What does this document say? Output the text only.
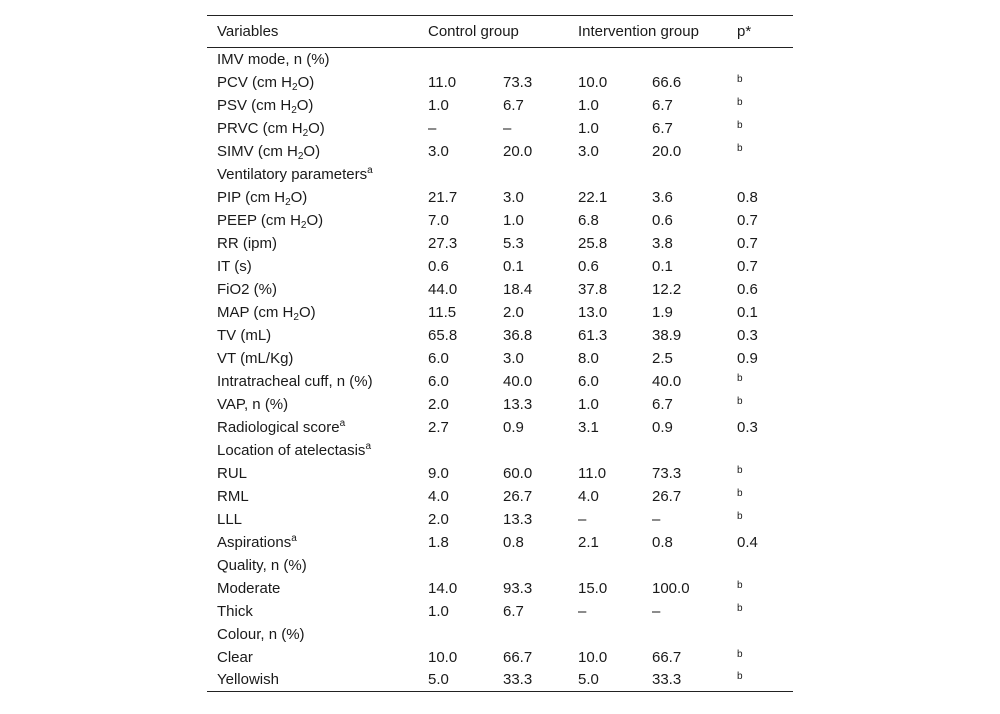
Variables	Control group		Intervention group		p*
IMV mode, n (%)					
PCV (cm $H_2O$)	11.0	73.3	10.0	66.6	$^b$
PSV (cm $H_2O$)	1.0	6.7	1.0	6.7	$^b$
PRVC (cm $H_2O$)	–	–	1.0	6.7	$^b$
SIMV (cm $H_2O$)	3.0	20.0	3.0	20.0	$^b$
Ventilatory parameters$^a$					
PIP (cm $H_2O$)	21.7	3.0	22.1	3.6	0.8
PEEP (cm $H_2O$)	7.0	1.0	6.8	0.6	0.7
RR (ipm)	27.3	5.3	25.8	3.8	0.7
IT (s)	0.6	0.1	0.6	0.1	0.7
FiO2 (%)	44.0	18.4	37.8	12.2	0.6
MAP (cm $H_2O$)	11.5	2.0	13.0	1.9	0.1
TV (mL)	65.8	36.8	61.3	38.9	0.3
VT (mL/Kg)	6.0	3.0	8.0	2.5	0.9
Intratracheal cuff, n (%)	6.0	40.0	6.0	40.0	$^b$
VAP, n (%)	2.0	13.3	1.0	6.7	$^b$
Radiological score$^a$	2.7	0.9	3.1	0.9	0.3
Location of atelectasis$^a$					
RUL	9.0	60.0	11.0	73.3	$^b$
RML	4.0	26.7	4.0	26.7	$^b$
LLL	2.0	13.3	–	–	$^b$
Aspirations$^a$	1.8	0.8	2.1	0.8	0.4
Quality, n (%)					
Moderate	14.0	93.3	15.0	100.0	$^b$
Thick	1.0	6.7	–	–	$^b$
Colour, n (%)					
Clear	10.0	66.7	10.0	66.7	$^b$
Yellowish	5.0	33.3	5.0	33.3	$^b$
